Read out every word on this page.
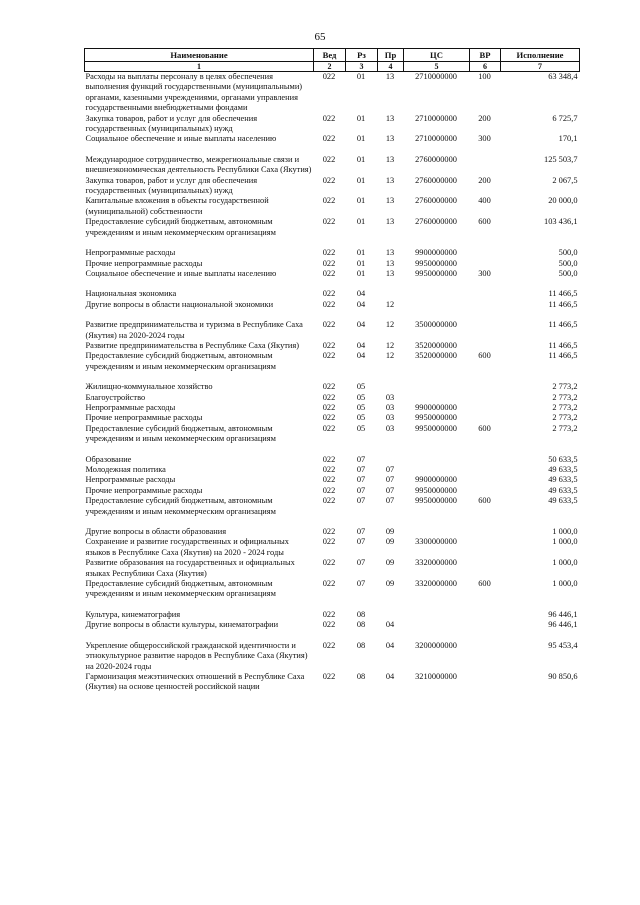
65
Наименование	Вед	Рз	Пр	ЦС	ВР	Исполнение
1	2	3	4	5	6	7
Расходы на выплаты персоналу в целях обеспечения выполнения функций государственными (муниципальными) органами, казенными учреждениями, органами управления государственными внебюджетными фондами	022	01	13	2710000000	100	63 348,4
Закупка товаров, работ и услуг для обеспечения государственных (муниципальных) нужд	022	01	13	2710000000	200	6 725,7
Социальное обеспечение и иные выплаты населению	022	01	13	2710000000	300	170,1

Международное сотрудничество, межрегиональные связи и внешнеэкономическая деятельность Республики Саха (Якутия)	022	01	13	2760000000		125 503,7
Закупка товаров, работ и услуг для обеспечения государственных (муниципальных) нужд	022	01	13	2760000000	200	2 067,5
Капитальные вложения в объекты государственной (муниципальной) собственности	022	01	13	2760000000	400	20 000,0
Предоставление субсидий бюджетным, автономным учреждениям и иным некоммерческим организациям	022	01	13	2760000000	600	103 436,1

Непрограммные расходы	022	01	13	9900000000		500,0
Прочие непрограммные расходы	022	01	13	9950000000		500,0
Социальное обеспечение и иные выплаты населению	022	01	13	9950000000	300	500,0

Национальная экономика	022	04				11 466,5
Другие вопросы в области национальной экономики	022	04	12			11 466,5

Развитие предпринимательства и туризма в Республике Саха (Якутия) на 2020-2024 годы	022	04	12	3500000000		11 466,5
Развитие предпринимательства в Республике Саха (Якутия)	022	04	12	3520000000		11 466,5
Предоставление субсидий бюджетным, автономным учреждениям и иным некоммерческим организациям	022	04	12	3520000000	600	11 466,5

Жилищно-коммунальное хозяйство	022	05				2 773,2
Благоустройство	022	05	03			2 773,2
Непрограммные расходы	022	05	03	9900000000		2 773,2
Прочие непрограммные расходы	022	05	03	9950000000		2 773,2
Предоставление субсидий бюджетным, автономным учреждениям и иным некоммерческим организациям	022	05	03	9950000000	600	2 773,2

Образование	022	07				50 633,5
Молодежная политика	022	07	07			49 633,5
Непрограммные расходы	022	07	07	9900000000		49 633,5
Прочие непрограммные расходы	022	07	07	9950000000		49 633,5
Предоставление субсидий бюджетным, автономным учреждениям и иным некоммерческим организациям	022	07	07	9950000000	600	49 633,5

Другие вопросы в области образования	022	07	09			1 000,0
Сохранение и развитие государственных и официальных языков в Республике Саха (Якутия) на 2020 - 2024 годы	022	07	09	3300000000		1 000,0
Развитие образования на государственных и официальных языках Республики Саха (Якутия)	022	07	09	3320000000		1 000,0
Предоставление субсидий бюджетным, автономным учреждениям и иным некоммерческим организациям	022	07	09	3320000000	600	1 000,0

Культура, кинематография	022	08				96 446,1
Другие вопросы в области культуры, кинематографии	022	08	04			96 446,1

Укрепление общероссийской гражданской идентичности и этнокультурное развитие народов в Республике Саха (Якутия) на 2020-2024 годы	022	08	04	3200000000		95 453,4
Гармонизация межэтнических отношений в Республике Саха (Якутия) на основе ценностей российской нации	022	08	04	3210000000		90 850,6
